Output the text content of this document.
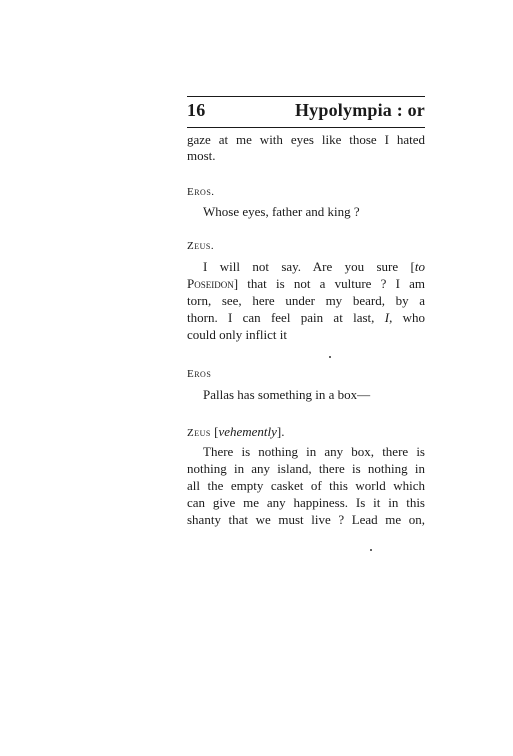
16	Hypolympia : or
gaze at me with eyes like those I hated
most.
Eros.
Whose eyes, father and king ?
Zeus.
I will not say. Are you sure [to
Poseidon] that is not a vulture ? I am
torn, see, here under my beard, by a
thorn. I can feel pain at last, I, who
could only inflict it
Eros
Pallas has something in a box—
Zeus [vehemently].
There is nothing in any box, there is
nothing in any island, there is nothing in
all the empty casket of this world which
can give me any happiness. Is it in this
shanty that we must live ? Lead me on,
